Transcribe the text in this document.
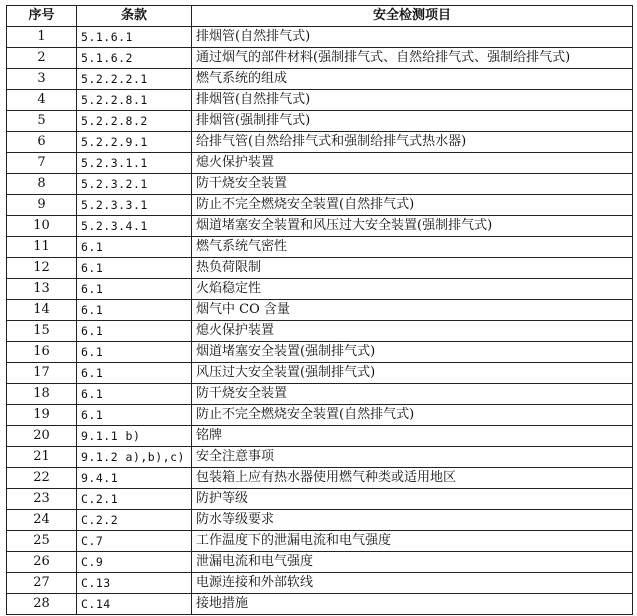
序号	条款	安全检测项目
1	5.1.6.1	排烟管(自然排气式)
2	5.1.6.2	通过烟气的部件材料(强制排气式、自然给排气式、强制给排气式)
3	5.2.2.2.1	燃气系统的组成
4	5.2.2.8.1	排烟管(自然排气式)
5	5.2.2.8.2	排烟管(强制排气式)
6	5.2.2.9.1	给排气管(自然给排气式和强制给排气式热水器)
7	5.2.3.1.1	熄火保护装置
8	5.2.3.2.1	防干烧安全装置
9	5.2.3.3.1	防止不完全燃烧安全装置(自然排气式)
10	5.2.3.4.1	烟道堵塞安全装置和风压过大安全装置(强制排气式)
11	6.1	燃气系统气密性
12	6.1	热负荷限制
13	6.1	火焰稳定性
14	6.1	烟气中 CO 含量
15	6.1	熄火保护装置
16	6.1	烟道堵塞安全装置(强制排气式)
17	6.1	风压过大安全装置(强制排气式)
18	6.1	防干烧安全装置
19	6.1	防止不完全燃烧安全装置(自然排气式)
20	9.1.1 b)	铭牌
21	9.1.2 a),b),c)	安全注意事项
22	9.4.1	包装箱上应有热水器使用燃气种类或适用地区
23	C.2.1	防护等级
24	C.2.2	防水等级要求
25	C.7	工作温度下的泄漏电流和电气强度
26	C.9	泄漏电流和电气强度
27	C.13	电源连接和外部软线
28	C.14	接地措施
